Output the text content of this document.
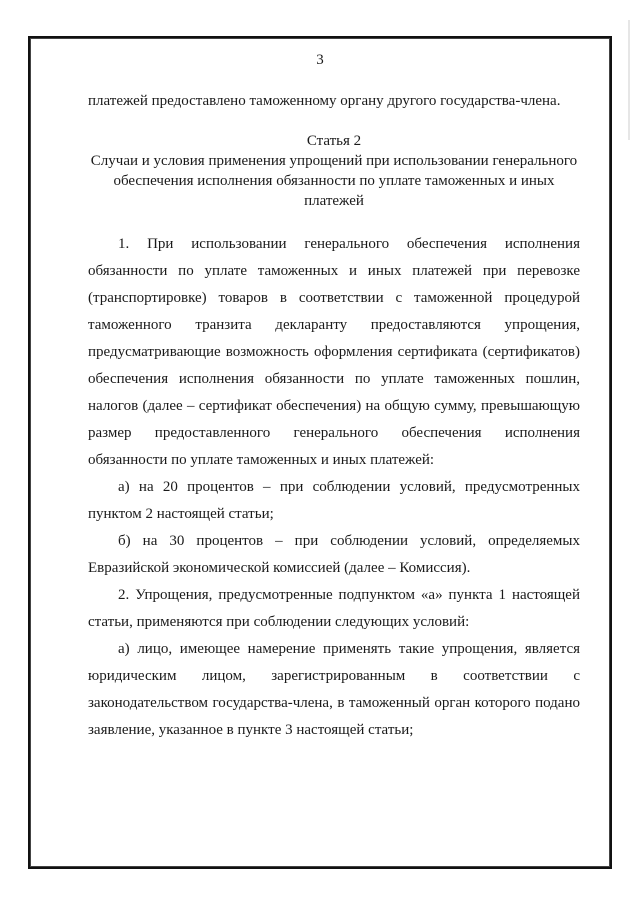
3

платежей предоставлено таможенному органу другого государства-члена.

Статья 2
Случаи и условия применения упрощений при использовании генерального обеспечения исполнения обязанности по уплате таможенных и иных платежей

1. При использовании генерального обеспечения исполнения обязанности по уплате таможенных и иных платежей при перевозке (транспортировке) товаров в соответствии с таможенной процедурой таможенного транзита декларанту предоставляются упрощения, предусматривающие возможность оформления сертификата (сертификатов) обеспечения исполнения обязанности по уплате таможенных пошлин, налогов (далее – сертификат обеспечения) на общую сумму, превышающую размер предоставленного генерального обеспечения исполнения обязанности по уплате таможенных и иных платежей:

а) на 20 процентов – при соблюдении условий, предусмотренных пунктом 2 настоящей статьи;

б) на 30 процентов – при соблюдении условий, определяемых Евразийской экономической комиссией (далее – Комиссия).

2. Упрощения, предусмотренные подпунктом «а» пункта 1 настоящей статьи, применяются при соблюдении следующих условий:

а) лицо, имеющее намерение применять такие упрощения, является юридическим лицом, зарегистрированным в соответствии с законодательством государства-члена, в таможенный орган которого подано заявление, указанное в пункте 3 настоящей статьи;
